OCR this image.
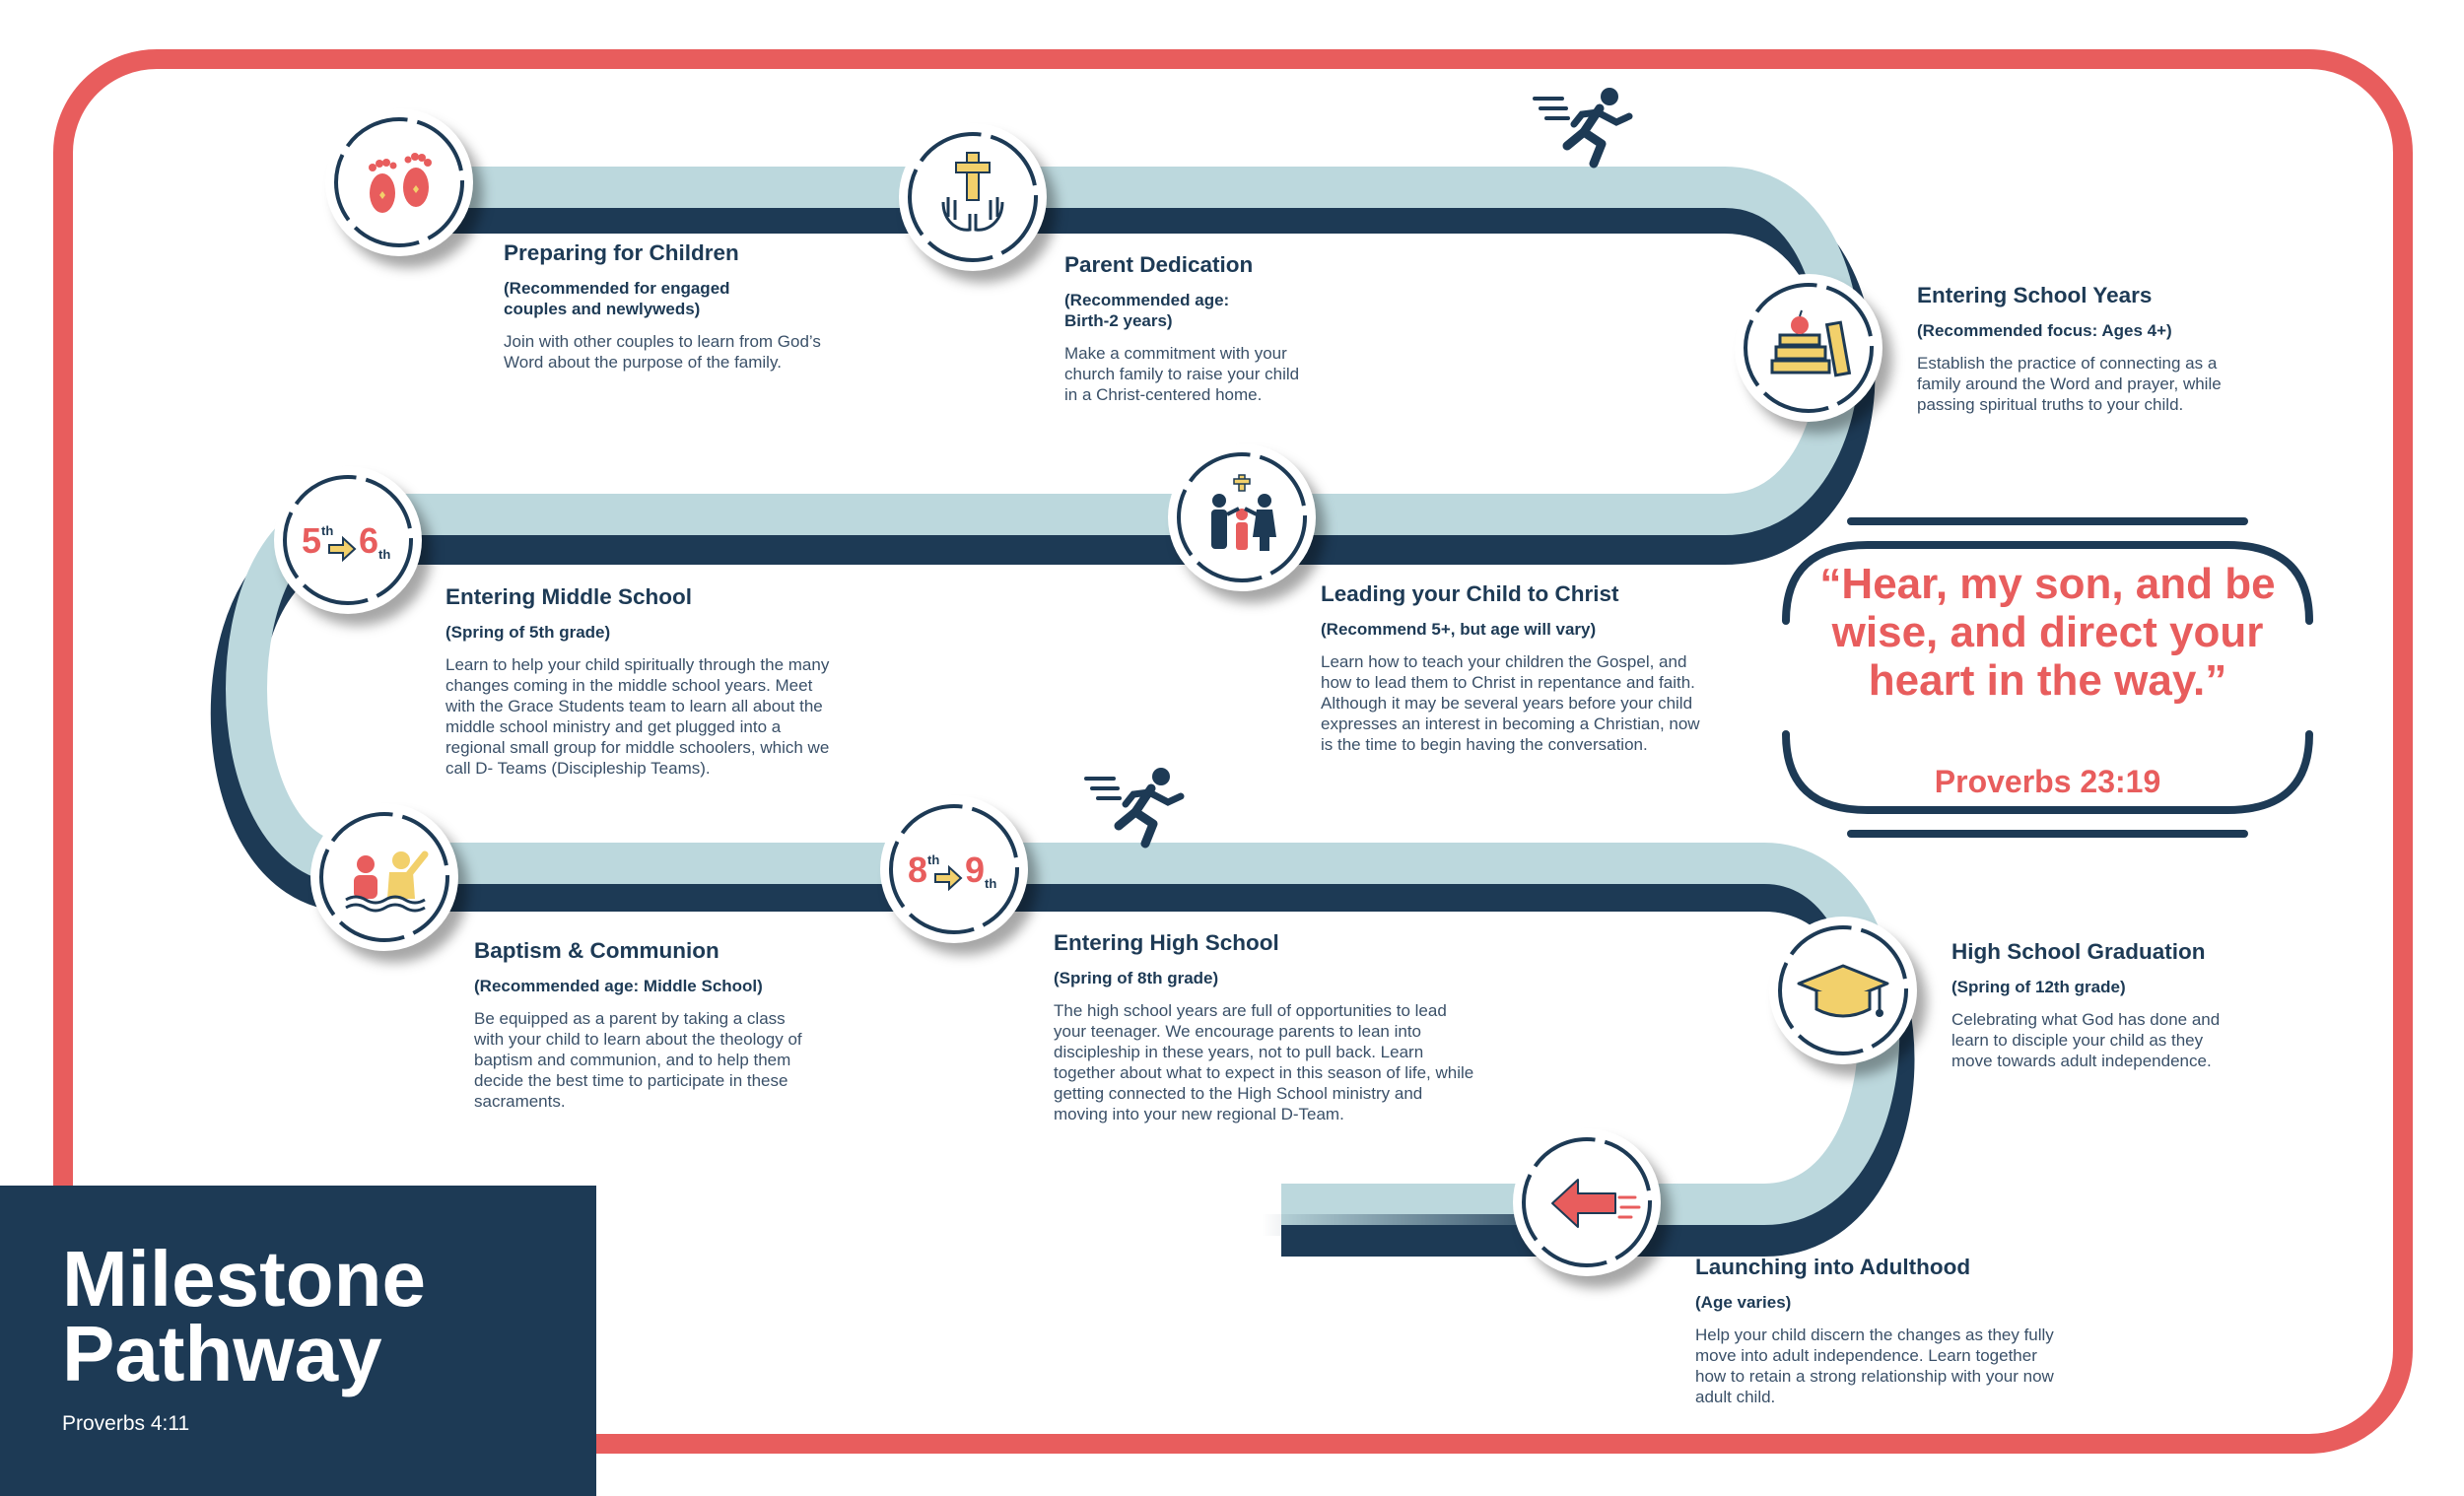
5 th 6 th
8 th 9 th
Preparing for Children
(Recommended for engaged
couples and newlyweds)

Join with other couples to learn from God’s Word about the purpose of the family.

Parent Dedication
(Recommended age:
Birth-2 years)

Make a commitment with your church family to raise your child in a Christ-centered home.

Entering School Years
(Recommended focus: Ages 4+)

Establish the practice of connecting as a family around the Word and prayer, while passing spiritual truths to your child.

Entering Middle School
(Spring of 5th grade)

Learn to help your child spiritually through the many changes coming in the middle school years. Meet with the Grace Students team to learn all about the middle school ministry and get plugged into a regional small group for middle schoolers, which we call D- Teams (Discipleship Teams).

Leading your Child to Christ
(Recommend 5+, but age will vary)

Learn how to teach your children the Gospel, and how to lead them to Christ in repentance and faith. Although it may be several years before your child expresses an interest in becoming a Christian, now is the time to begin having the conversation.

Baptism & Communion
(Recommended age: Middle School)

Be equipped as a parent by taking a class with your child to learn about the theology of baptism and communion, and to help them decide the best time to participate in these sacraments.

Entering High School
(Spring of 8th grade)

The high school years are full of opportunities to lead your teenager. We encourage parents to lean into discipleship in these years, not to pull back. Learn together about what to expect in this season of life, while getting connected to the High School ministry and moving into your new regional D-Team.

High School Graduation
(Spring of 12th grade)

Celebrating what God has done and learn to disciple your child as they move towards adult independence.

Launching into Adulthood
(Age varies)

Help your child discern the changes as they fully move into adult independence. Learn together how to retain a strong relationship with your now adult child.

“Hear, my son, and be wise, and direct your heart in the way.”
Proverbs 23:19
Milestone
Pathway
Proverbs 4:11
